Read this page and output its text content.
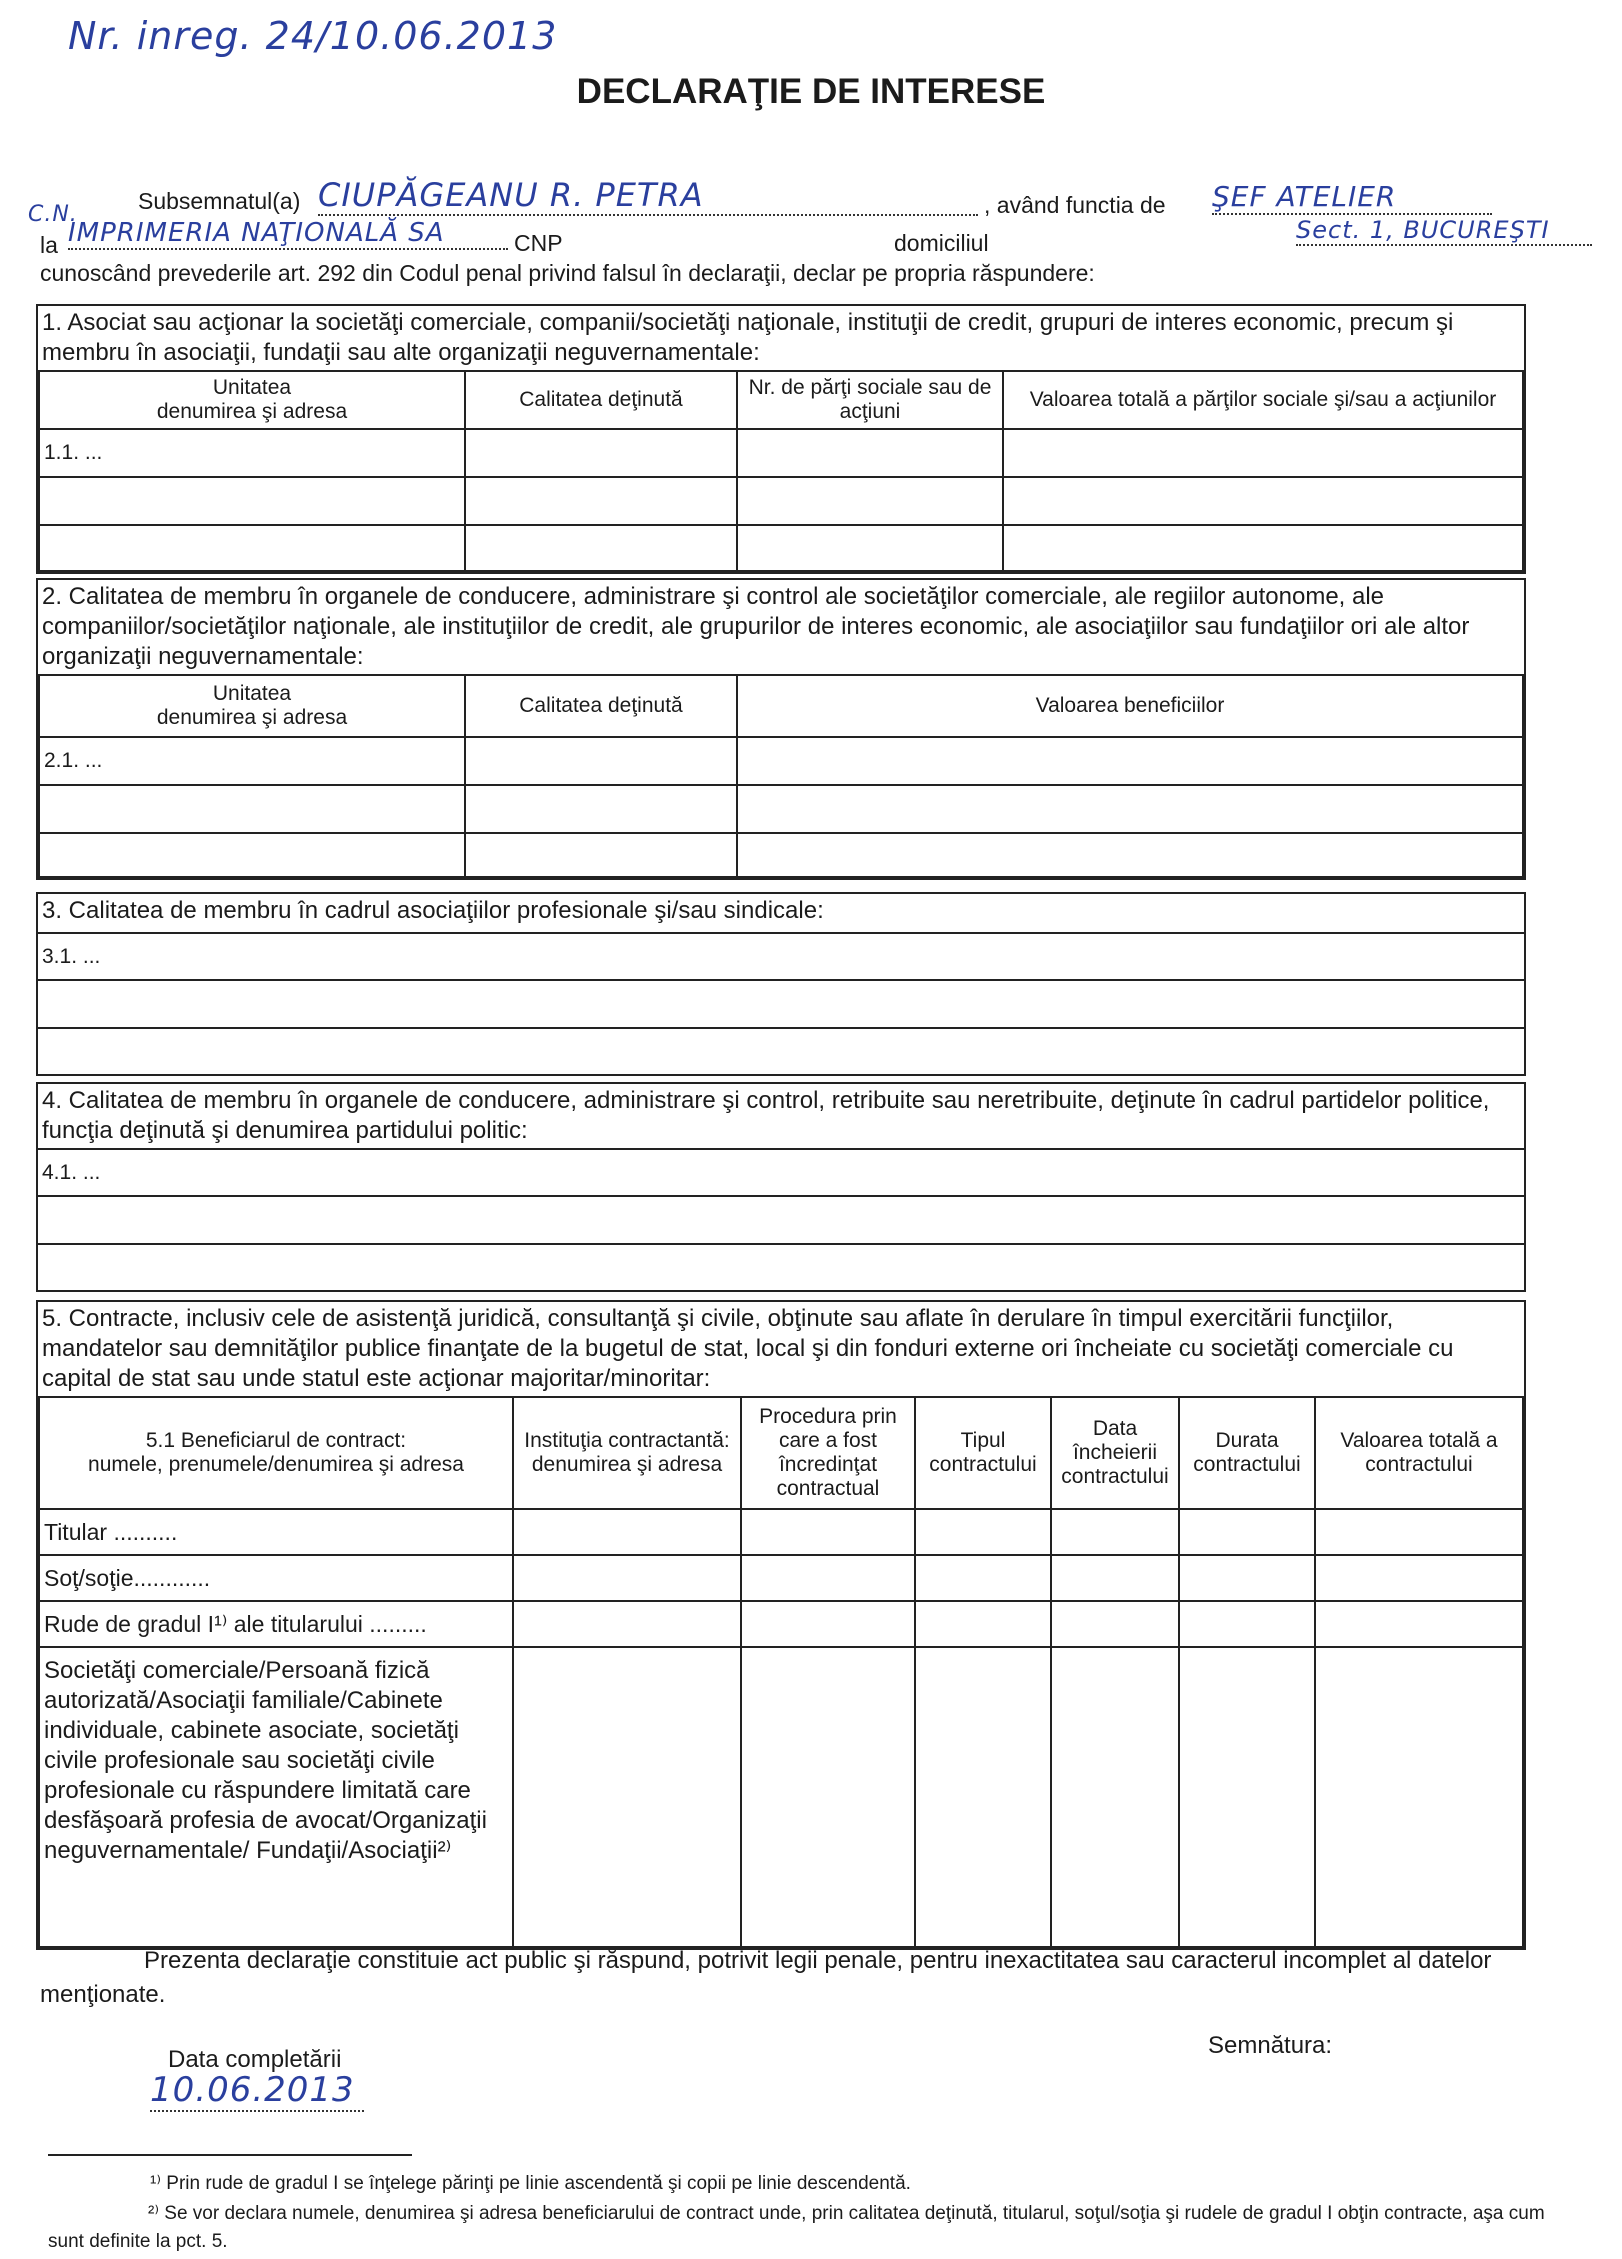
Nr. inreg. 24/10.06.2013
DECLARAŢIE DE INTERESE
Subsemnatul(a) CIUPĂGEANU R. PETRA	, având functia de ŞEF ATELIER
C.N.
la IMPRIMERIA NAŢIONALĂ SA	CNP	domiciliul	Sect. 1, BUCUREŞTI
cunoscând prevederile art. 292 din Codul penal privind falsul în declaraţii, declar pe propria răspundere:
1. Asociat sau acţionar la societăţi comerciale, companii/societăţi naţionale, instituţii de credit, grupuri de interes economic, precum şi membru în asociaţii, fundaţii sau alte organizaţii neguvernamentale:
Unitatea
denumirea şi adresa	Calitatea deţinută	Nr. de părţi sociale sau de acţiuni	Valoarea totală a părţilor sociale şi/sau a acţiunilor
1.1. ...			

2. Calitatea de membru în organele de conducere, administrare şi control ale societăţilor comerciale, ale regiilor autonome, ale companiilor/societăţilor naţionale, ale instituţiilor de credit, ale grupurilor de interes economic, ale asociaţiilor sau fundaţiilor ori ale altor organizaţii neguvernamentale:
Unitatea
denumirea şi adresa	Calitatea deţinută	Valoarea beneficiilor
2.1. ...		

3. Calitatea de membru în cadrul asociaţiilor profesionale şi/sau sindicale:
3.1. ...

4. Calitatea de membru în organele de conducere, administrare şi control, retribuite sau neretribuite, deţinute în cadrul partidelor politice, funcţia deţinută şi denumirea partidului politic:
4.1. ...

5. Contracte, inclusiv cele de asistenţă juridică, consultanţă şi civile, obţinute sau aflate în derulare în timpul exercitării funcţiilor, mandatelor sau demnităţilor publice finanţate de la bugetul de stat, local şi din fonduri externe ori încheiate cu societăţi comerciale cu capital de stat sau unde statul este acţionar majoritar/minoritar:
5.1 Beneficiarul de contract:
numele, prenumele/denumirea şi adresa	Instituţia contractantă: denumirea şi adresa	Procedura prin care a fost încredinţat contractual	Tipul contractului	Data încheierii contractului	Durata contractului	Valoarea totală a contractului
Titular ..........						
Soţ/soţie............						
Rude de gradul I¹⁾ ale titularului .........						
Societăţi comerciale/Persoană fizică autorizată/Asociaţii familiale/Cabinete individuale, cabinete asociate, societăţi civile profesionale sau societăţi civile profesionale cu răspundere limitată care desfăşoară profesia de avocat/Organizaţii neguvernamentale/ Fundaţii/Asociaţii²⁾						
Prezenta declaraţie constituie act public şi răspund, potrivit legii penale, pentru inexactitatea sau caracterul incomplet al datelor menţionate.
Data completării
10.06.2013
Semnătura:
¹⁾ Prin rude de gradul I se înţelege părinţi pe linie ascendentă şi copii pe linie descendentă.
²⁾ Se vor declara numele, denumirea şi adresa beneficiarului de contract unde, prin calitatea deţinută, titularul, soţul/soţia şi rudele de gradul I obţin contracte, aşa cum sunt definite la pct. 5.
